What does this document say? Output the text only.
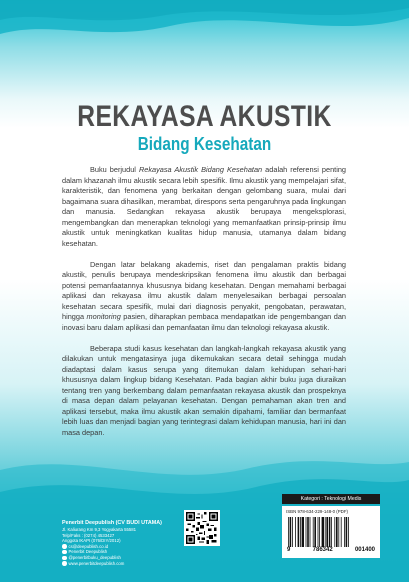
REKAYASA AKUSTIK
Bidang Kesehatan

Buku berjudul Rekayasa Akustik Bidang Kesehatan adalah referensi penting dalam khazanah ilmu akustik secara lebih spesifik. Ilmu akustik yang mempelajari sifat, karakteristik, dan fenomena yang berkaitan dengan gelombang suara, mulai dari bagaimana suara dihasilkan, merambat, direspons serta pengaruhnya pada lingkungan dan manusia. Sedangkan rekayasa akustik berupaya mengeksplorasi, mengembangkan dan menerapkan teknologi yang memanfaatkan prinsip-prinsip ilmu akustik untuk meningkatkan kualitas hidup manusia, utamanya dalam bidang kesehatan.

Dengan latar belakang akademis, riset dan pengalaman praktis bidang akustik, penulis berupaya mendeskripsikan fenomena ilmu akustik dan berbagai potensi pemanfaatannya khususnya bidang kesehatan. Dengan memahami berbagai aplikasi dan rekayasa ilmu akustik dalam menyelesaikan berbagai persoalan kesehatan secara spesifik, mulai dari diagnosis penyakit, pengobatan, perawatan, hingga monitoring pasien, diharapkan pembaca mendapatkan ide pengembangan dan inovasi baru dalam aplikasi dan pemanfaatan ilmu dan teknologi rekayasa akustik.

Beberapa studi kasus kesehatan dan langkah-langkah rekayasa akustik yang dilakukan untuk mengatasinya juga dikemukakan secara detail sehingga mudah diadaptasi dalam kasus serupa yang ditemukan dalam kehidupan sehari-hari khususnya dalam lingkup bidang Kesehatan. Pada bagian akhir buku juga diuraikan tentang tren yang berkembang dalam pemanfaatan rekayasa akustik dan prospeknya di masa depan dalam pelayanan kesehatan. Dengan pemahaman akan tren and aplikasi tersebut, maka ilmu akustik akan semakin dipahami, familiar dan bermanfaat lebih luas dan menjadi bagian yang terintegrasi dalam kehidupan manusia, hari ini dan masa depan.

Penerbit Deepublish (CV BUDI UTAMA)
Jl. Kaliurang Km 9,3 Yogyakarta 55581
Telp/Faks : (0274) 4533427
Anggota IKAPI (076/DIY/2012)
cs@deepublish.co.id
Penerbit Deepublish
@penerbitbuku_deepublish
www.penerbitdeepublish.com
Kategori : Teknologi Medis
ISBN 978-634-229-148-0 (PDF)
9	786342	001400
